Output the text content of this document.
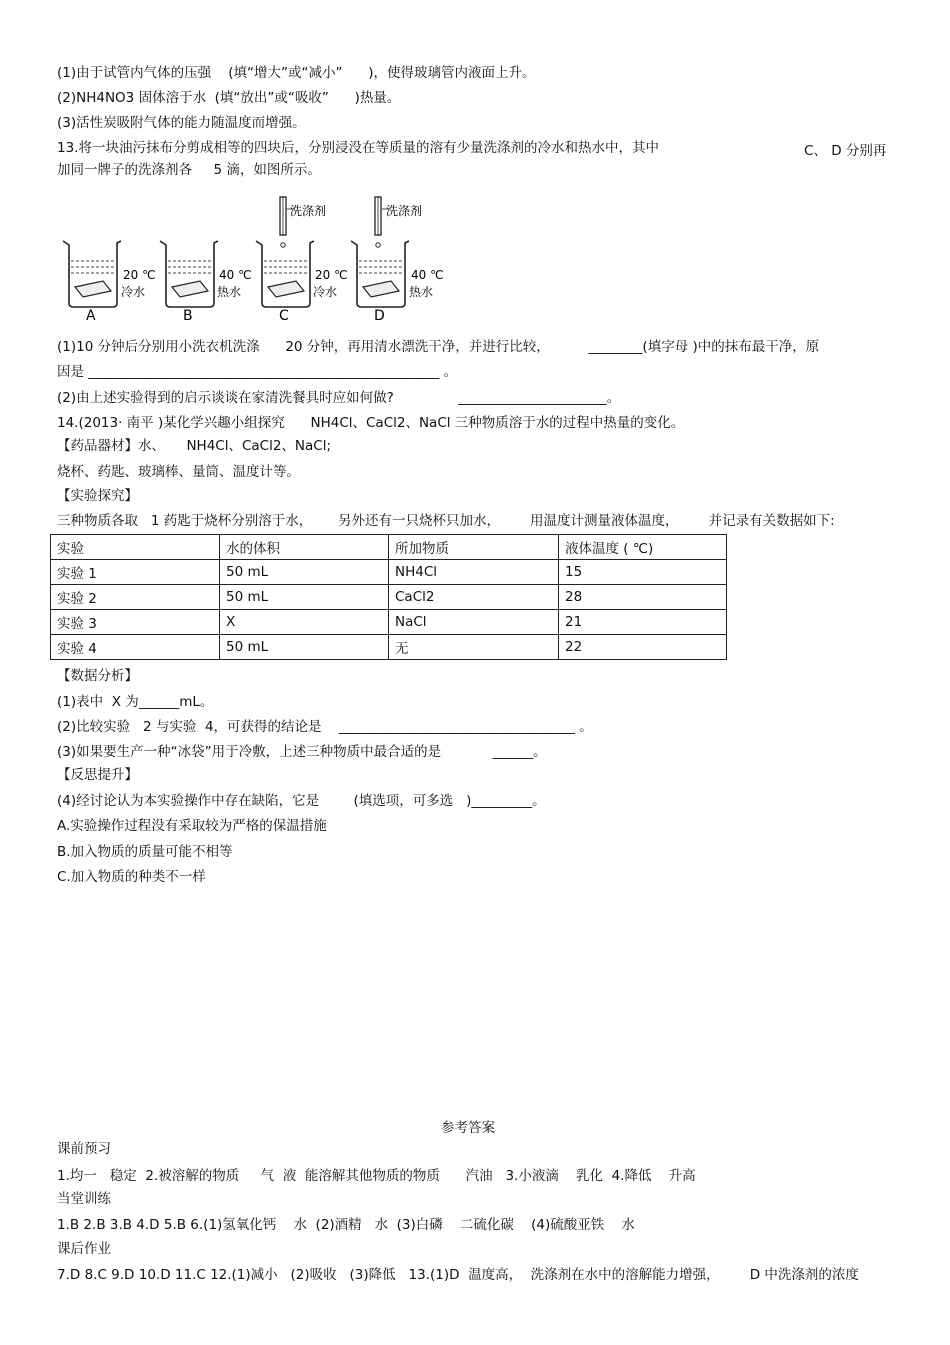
(1)由于试管内气体的压强    (填“增大”或“减小”      )，使得玻璃管内液面上升。
(2)NH4NO3 固体溶于水  (填“放出”或“吸收”      )热量。
(3)活性炭吸附气体的能力随温度而增强。
13.将一块油污抹布分剪成相等的四块后，分别浸没在等质量的溶有少量洗涤剂的冷水和热水中，其中	C、 D 分别再
加同一牌子的洗涤剂各     5 滴，如图所示。
20 ℃
冷水
A
40 ℃
热水
B
洗涤剂
20 ℃
冷水
C
洗涤剂
40 ℃
热水
D
(1)10 分钟后分别用小洗衣机洗涤      20 分钟，再用清水漂洗干净，并进行比较，         ________(填字母 )中的抹布最干净，原
因是 ____________________________________________________ 。
(2)由上述实验得到的启示谈谈在家清洗餐具时应如何做?               ______________________。
14.(2013· 南平 )某化学兴趣小组探究      NH4Cl、CaCl2、NaCl 三种物质溶于水的过程中热量的变化。
【药品器材】水、     NH4Cl、CaCl2、NaCl;
烧杯、药匙、玻璃棒、量筒、温度计等。
【实验探究】
三种物质各取   1 药匙于烧杯分别溶于水，      另外还有一只烧杯只加水，       用温度计测量液体温度，       并记录有关数据如下:
实验	水的体积	所加物质	液体温度 ( ℃)
实验 1	50 mL	NH4Cl	15
实验 2	50 mL	CaCl2	28
实验 3	X	NaCl	21
实验 4	50 mL	无	22
【数据分析】
(1)表中  X 为______mL。
(2)比较实验   2 与实验  4，可获得的结论是    ___________________________________ 。
(3)如果要生产一种“冰袋”用于冷敷，上述三种物质中最合适的是            ______。
【反思提升】
(4)经讨论认为本实验操作中存在缺陷，它是        (填选项，可多选   )_________。
A.实验操作过程没有采取较为严格的保温措施
B.加入物质的质量可能不相等
C.加入物质的种类不一样
参考答案
课前预习
1.均一   稳定  2.被溶解的物质     气  液  能溶解其他物质的物质      汽油   3.小液滴    乳化  4.降低    升高
当堂训练
1.B 2.B 3.B 4.D 5.B 6.(1)氢氧化钙    水  (2)酒精   水  (3)白磷    二硫化碳    (4)硫酸亚铁    水
课后作业
7.D 8.C 9.D 10.D 11.C 12.(1)减小   (2)吸收   (3)降低   13.(1)D  温度高，  洗涤剂在水中的溶解能力增强，       D 中洗涤剂的浓度
